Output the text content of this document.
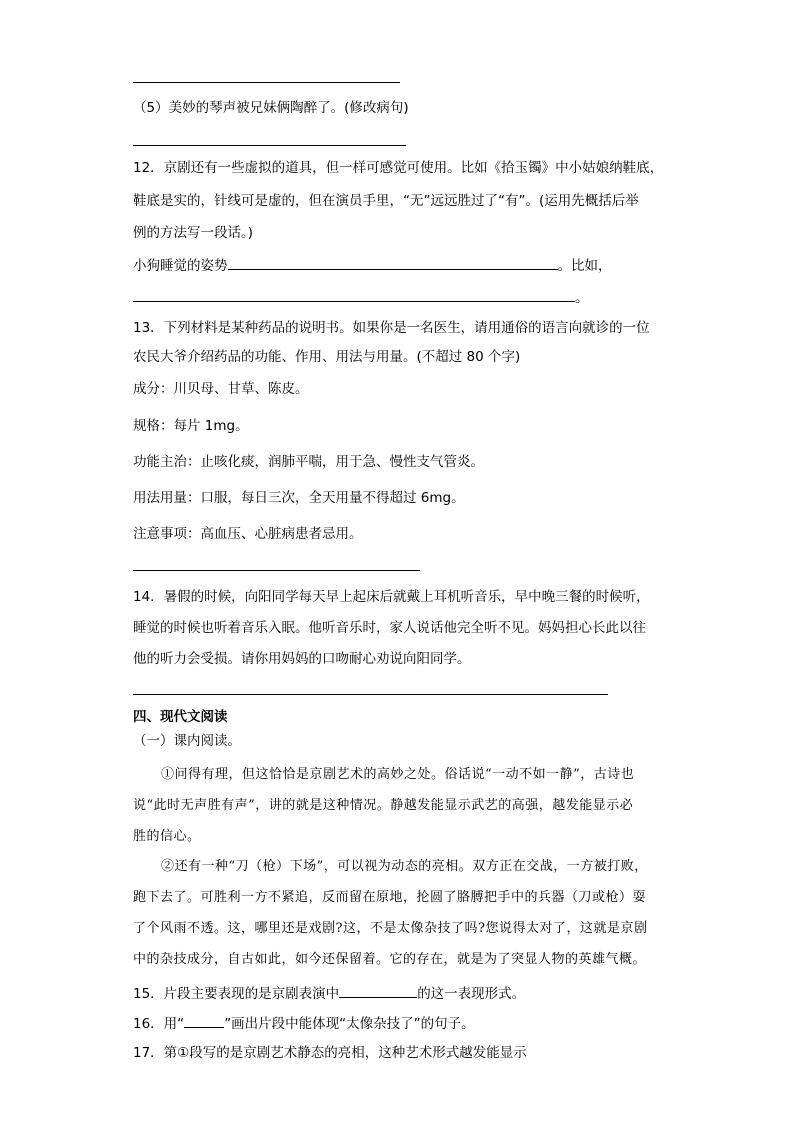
（5）美妙的琴声被兄妹俩陶醉了。(修改病句)
12．京剧还有一些虚拟的道具，但一样可感觉可使用。比如《拾玉镯》中小姑娘纳鞋底，
鞋底是实的，针线可是虚的，但在演员手里，“无”远远胜过了“有”。(运用先概括后举
例的方法写一段话。)
小狗睡觉的姿势	。比如，
。
13．下列材料是某种药品的说明书。如果你是一名医生，请用通俗的语言向就诊的一位
农民大爷介绍药品的功能、作用、用法与用量。(不超过 80 个字)
成分：川贝母、甘草、陈皮。
规格：每片 1mg。
功能主治：止咳化痰，润肺平喘，用于急、慢性支气管炎。
用法用量：口服，每日三次，全天用量不得超过 6mg。
注意事项：高血压、心脏病患者忌用。
14．暑假的时候，向阳同学每天早上起床后就戴上耳机听音乐，早中晚三餐的时候听，
睡觉的时候也听着音乐入眠。他听音乐时，家人说话他完全听不见。妈妈担心长此以往
他的听力会受损。请你用妈妈的口吻耐心劝说向阳同学。
四、现代文阅读
（一）课内阅读。
①问得有理，但这恰恰是京剧艺术的高妙之处。俗话说“一动不如一静”，古诗也
说“此时无声胜有声”，讲的就是这种情况。静越发能显示武艺的高强，越发能显示必
胜的信心。
②还有一种“刀（枪）下场”，可以视为动态的亮相。双方正在交战，一方被打败，
跑下去了。可胜利一方不紧追，反而留在原地，抡圆了胳膊把手中的兵器（刀或枪）耍
了个风雨不透。这，哪里还是戏剧?这，不是太像杂技了吗?您说得太对了，这就是京剧
中的杂技成分，自古如此，如今还保留着。它的存在，就是为了突显人物的英雄气概。
15．片段主要表现的是京剧表演中	的这一表现形式。
16．用“	”画出片段中能体现“太像杂技了”的句子。
17．第①段写的是京剧艺术静态的亮相，这种艺术形式越发能显示
